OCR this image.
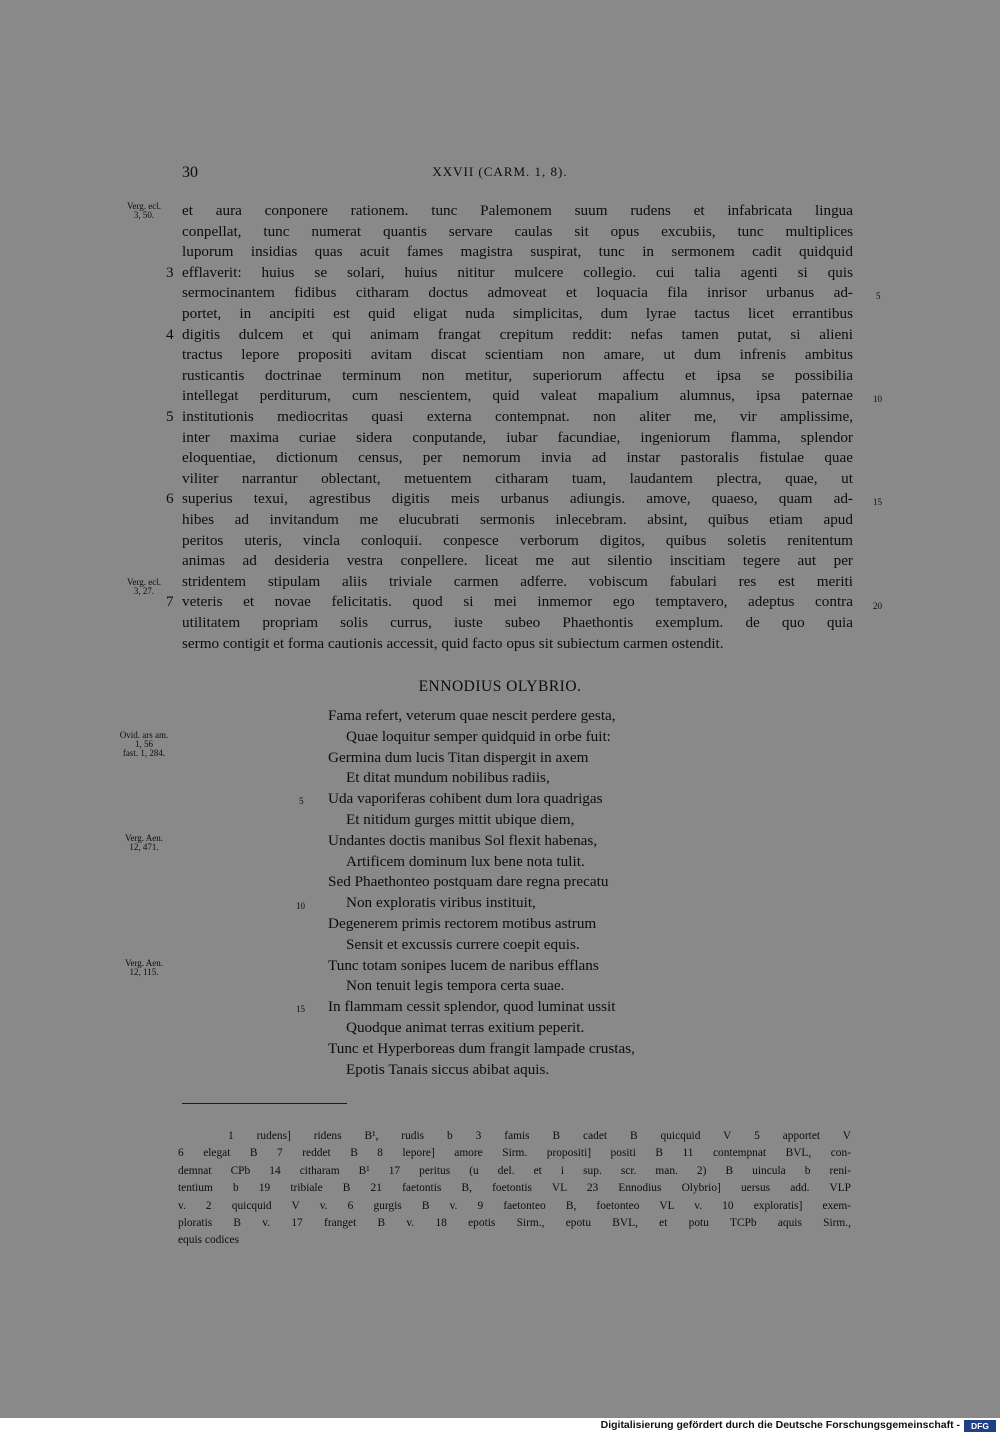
30	XXVII (CARM. 1, 8).
Verg. ecl.
3, 50.
Verg. ecl.
3, 27.
Ovid. ars am.
1, 56
fast. 1, 284.
Verg. Aen.
12, 471.
Verg. Aen.
12, 115.
et aura conponere rationem. tunc Palemonem suum rudens et infabricata lingua
conpellat, tunc numerat quantis servare caulas sit opus excubiis, tunc multiplices
luporum insidias quas acuit fames magistra suspirat, tunc in sermonem cadit quidquid
efflaverit: huius se solari, huius nititur mulcere collegio. cui talia agenti si quis
sermocinantem fidibus citharam doctus admoveat et loquacia fila inrisor urbanus ad-
portet, in ancipiti est quid eligat nuda simplicitas, dum lyrae tactus licet errantibus
digitis dulcem et qui animam frangat crepitum reddit: nefas tamen putat, si alieni
tractus lepore propositi avitam discat scientiam non amare, ut dum infrenis ambitus
rusticantis doctrinae terminum non metitur, superiorum affectu et ipsa se possibilia
intellegat perditurum, cum nescientem, quid valeat mapalium alumnus, ipsa paternae
institutionis mediocritas quasi externa contempnat. non aliter me, vir amplissime,
inter maxima curiae sidera conputande, iubar facundiae, ingeniorum flamma, splendor
eloquentiae, dictionum census, per nemorum invia ad instar pastoralis fistulae quae
viliter narrantur oblectant, metuentem citharam tuam, laudantem plectra, quae, ut
superius texui, agrestibus digitis meis urbanus adiungis. amove, quaeso, quam ad-
hibes ad invitandum me elucubrati sermonis inlecebram. absint, quibus etiam apud
peritos uteris, vincla conloquii. conpesce verborum digitos, quibus soletis renitentum
animas ad desideria vestra conpellere. liceat me aut silentio inscitiam tegere aut per
stridentem stipulam aliis triviale carmen adferre. vobiscum fabulari res est meriti
veteris et novae felicitatis. quod si mei inmemor ego temptavero, adeptus contra
utilitatem propriam solis currus, iuste subeo Phaethontis exemplum. de quo quia
sermo contigit et forma cautionis accessit, quid facto opus sit subiectum carmen ostendit.
3
4
5
6
7
5
10
15
20
ENNODIUS OLYBRIO.
Fama refert, veterum quae nescit perdere gesta,
Quae loquitur semper quidquid in orbe fuit:
Germina dum lucis Titan dispergit in axem
Et ditat mundum nobilibus radiis,
Uda vaporiferas cohibent dum lora quadrigas
Et nitidum gurges mittit ubique diem,
Undantes doctis manibus Sol flexit habenas,
Artificem dominum lux bene nota tulit.
Sed Phaethonteo postquam dare regna precatu
Non exploratis viribus instituit,
Degenerem primis rectorem motibus astrum
Sensit et excussis currere coepit equis.
Tunc totam sonipes lucem de naribus efflans
Non tenuit legis tempora certa suae.
In flammam cessit splendor, quod luminat ussit
Quodque animat terras exitium peperit.
Tunc et Hyperboreas dum frangit lampade crustas,
Epotis Tanais siccus abibat aquis.
5
10
15
1 rudens] ridens B¹, rudis b 3 famis B cadet B quicquid V 5 apportet V
6 elegat B 7 reddet B 8 lepore] amore Sirm. propositi] positi B 11 contempnat BVL, con-
demnat CPb 14 citharam B¹ 17 peritus (u del. et i sup. scr. man. 2) B uincula b reni-
tentium b 19 tribiale B 21 faetontis B, foetontis VL 23 Ennodius Olybrio] uersus add. VLP
v. 2 quicquid V v. 6 gurgis B v. 9 faetonteo B, foetonteo VL v. 10 exploratis] exem-
ploratis B v. 17 franget B v. 18 epotis Sirm., epotu BVL, et potu TCPb aquis Sirm.,
equis codices
Digitalisierung gefördert durch die Deutsche Forschungsgemeinschaft -	DFG
